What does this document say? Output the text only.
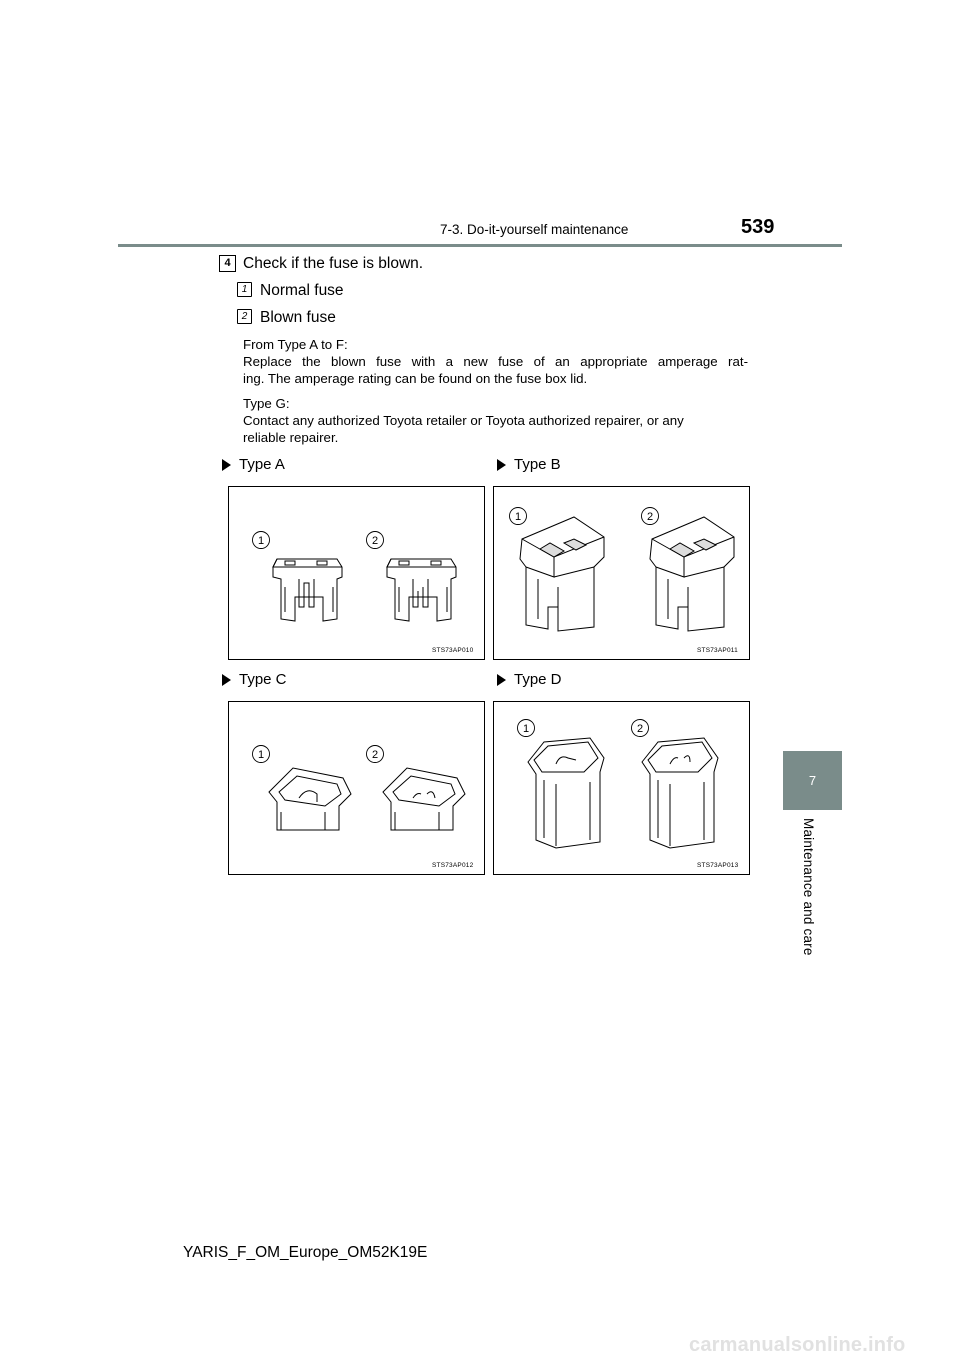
7-3. Do-it-yourself maintenance	539
7
Maintenance and care
4 Check if the fuse is blown.
1 Normal fuse
2 Blown fuse
From Type A to F:
Replace the blown fuse with a new fuse of an appropriate amperage rat-
ing. The amperage rating can be found on the fuse box lid.
Type G:
Contact any authorized Toyota retailer or Toyota authorized repairer, or any
reliable repairer.
Type A	Type B
Type C	Type D
1	2
STS73AP010
1	2
STS73AP011
1	2
STS73AP012
1	2
STS73AP013
YARIS_F_OM_Europe_OM52K19E
carmanualsonline.info
